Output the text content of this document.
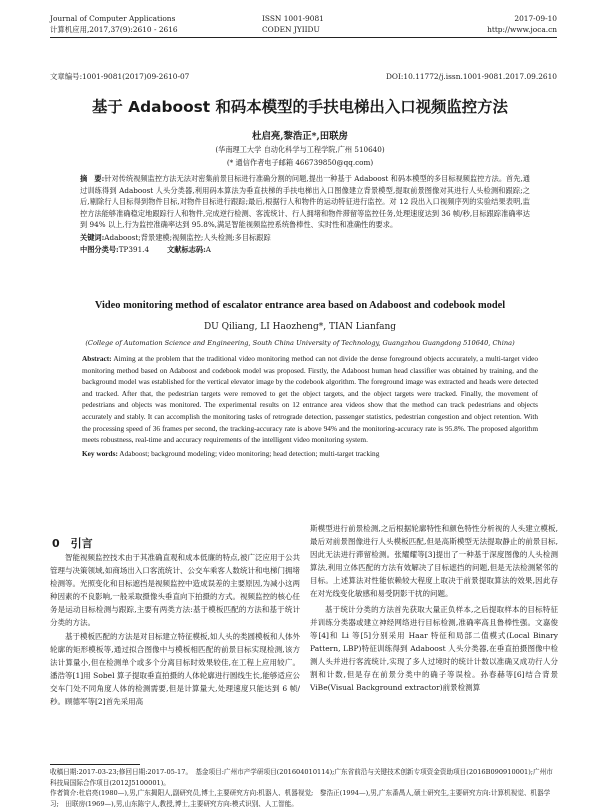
Journal of Computer Applications
计算机应用,2017,37(9):2610 - 2616
ISSN 1001-9081
CODEN JYIIDU
2017-09-10
http://www.joca.cn
文章编号:1001-9081(2017)09-2610-07	DOI:10.11772/j.issn.1001-9081.2017.09.2610
基于 Adaboost 和码本模型的手扶电梯出入口视频监控方法
杜启亮,黎浩正*,田联房
(华南理工大学 自动化科学与工程学院,广州 510640)
(* 通信作者电子邮箱 466739850@qq.com)
摘　要:针对传统视频监控方法无法对密集前景目标进行准确分割的问题,提出一种基于 Adaboost 和码本模型的多目标视频监控方法。首先,通过训练得到 Adaboost 人头分类器,利用码本算法为垂直扶梯的手扶电梯出入口图像建立背景模型,提取前景图像对其进行人头检测和跟踪;之后,剔除行人目标得到物件目标,对物件目标进行跟踪;最后,根据行人和物件的运动特征进行监控。对 12 段出入口视频序列的实验结果表明,监控方法能够准确稳定地跟踪行人和物件,完成逆行检测、客流统计、行人拥堵和物件滞留等监控任务,处理速度达到 36 帧/秒,目标跟踪准确率达到 94% 以上,行为监控准确率达到 95.8%,满足智能视频监控系统鲁棒性、实时性和准确性的要求。
关键词:Adaboost;背景建模;视频监控;人头检测;多目标跟踪
中图分类号:TP391.4	文献标志码:A
Video monitoring method of escalator entrance area based on Adaboost and codebook model
DU Qiliang, LI Haozheng*, TIAN Lianfang
(College of Automation Science and Engineering, South China University of Technology, Guangzhou Guangdong 510640, China)
Abstract: Aiming at the problem that the traditional video monitoring method can not divide the dense foreground objects accurately, a multi-target video monitoring method based on Adaboost and codebook model was proposed. Firstly, the Adaboost human head classifier was obtained by training, and the background model was established for the vertical elevator image by the codebook algorithm. The foreground image was extracted and heads were detected and tracked. After that, the pedestrian targets were removed to get the object targets, and the object targets were tracked. Finally, the movement of pedestrians and objects was monitored. The experimental results on 12 entrance area videos show that the method can track pedestrians and objects accurately and stably. It can accomplish the monitoring tasks of retrograde detection, passenger statistics, pedestrian congestion and object retention. With the processing speed of 36 frames per second, the tracking-accuracy rate is above 94% and the monitoring-accuracy rate is 95.8%. The proposed algorithm meets robustness, real-time and accuracy requirements of the intelligent video monitoring system.
Key words: Adaboost; background modeling; video monitoring; head detection; multi-target tracking
0　引言
智能视频监控技术由于其准确直观和成本低廉的特点,被广泛应用于公共管理与决策领域,如商场出入口客流统计、公交车乘客人数统计和电梯门拥堵检测等。光照变化和目标遮挡是视频监控中造成误差的主要原因,为减小这两种因素的不良影响,一般采取摄像头垂直向下拍摄的方式。视频监控的核心任务是运动目标检测与跟踪,主要有两类方法:基于模板匹配的方法和基于统计分类的方法。
基于模板匹配的方法是对目标建立特征模板,如人头的类圆模板和人体外轮廓的矩形模板等,通过拟合图像中与模板相匹配的前景目标实现检测,该方法计算量小,但在检测单个或多个分离目标时效果较佳,在工程上应用较广。潘浩等[1]用 Sobel 算子提取垂直拍摄的人体轮廓进行圆线生长,能够适应公交车门处不同角度人体的检测需要,但是计算量大,处理速度只能达到 6 帧/秒。顾德军等[2]首先采用高
斯模型进行前景检测,之后根据轮廓特性和颜色特性分析视的人头建立模板,最后对前景图像进行人头模板匹配,但是高斯模型无法提取静止的前景目标,因此无法进行滞留检测。张耀耀等[3]提出了一种基于深度图像的人头检测算法,利用立体匹配的方法有效解决了目标遮挡的问题,但是无法检测紧邻的目标。上述算法对性能依赖较大程度上取决于前景提取算法的效果,因此存在对光线变化敏感和易受阴影干扰的问题。
基于统计分类的方法首先获取大量正负样本,之后提取样本的目标特征并训练分类器或建立神经网络进行目标检测,准确率高且鲁棒性强。文嘉俊等[4]和 Li 等[5]分别采用 Haar 特征和局部二值模式(Local Binary Pattern, LBP)特征训练得到 Adaboost 人头分类器,在垂直拍摄图像中检测人头并进行客流统计,实现了多人过境时的统计计数以准确又成功行人分割和计数,但是存在前景分类中的确子等误检。孙春赫等[6]结合背景 ViBe(Visual Background extractor)前景检测算
收稿日期:2017-03-23;修回日期:2017-05-17。　基金项目:广州市产学研项目(201604010114);广东省前沿与关键技术创新专项资金资助项目(2016B090910001);广州市科技局国际合作项目(2012J5100001)。
作者简介:杜启亮(1980—),男,广东揭阳人,副研究员,博士,主要研究方向:机器人、机器视觉;　黎浩正(1994—),男,广东番禺人,硕士研究生,主要研究方向:计算机视觉、机器学习;　田联房(1969—),男,山东陈宁人,教授,博士,主要研究方向:模式识别、人工智能。
